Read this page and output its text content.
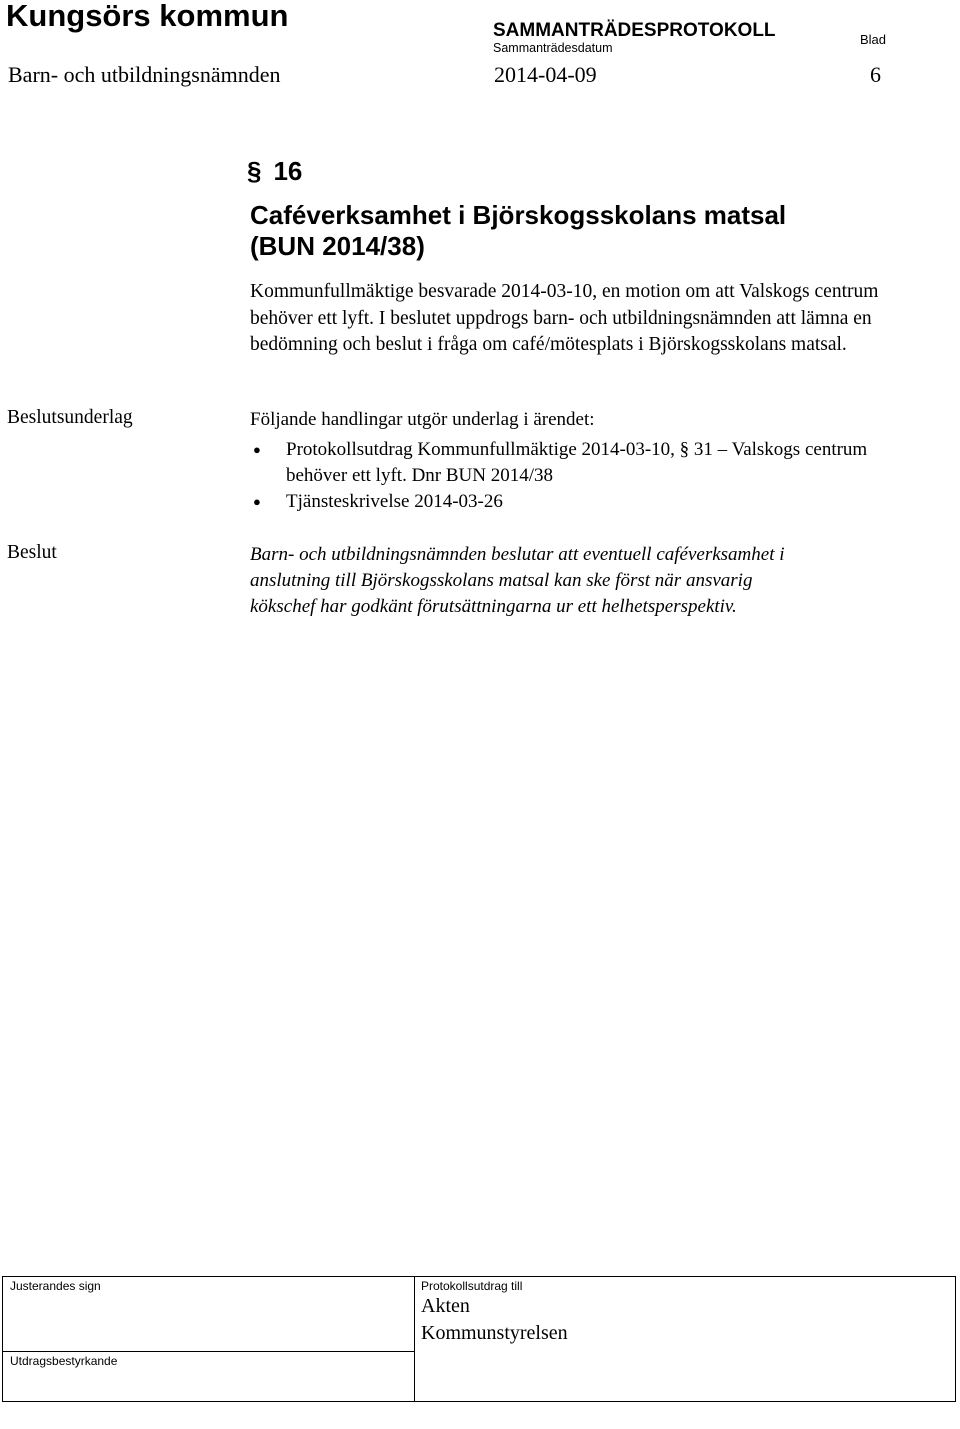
Kungsörs kommun	SAMMANTRÄDESPROTOKOLL
Sammanträdesdatum
Blad
Barn- och utbildningsnämnden	2014-04-09	6
§ 16
Caféverksamhet i Björskogsskolans matsal
(BUN 2014/38)
Kommunfullmäktige besvarade 2014-03-10, en motion om att Valskogs centrum behöver ett lyft. I beslutet uppdrogs barn- och utbildningsnämnden att lämna en bedömning och beslut i fråga om café/mötesplats i Björskogsskolans matsal.
Beslutsunderlag	Följande handlingar utgör underlag i ärendet:
● Protokollsutdrag Kommunfullmäktige 2014-03-10, § 31 – Valskogs centrum behöver ett lyft. Dnr BUN 2014/38
● Tjänsteskrivelse 2014-03-26
Beslut	Barn- och utbildningsnämnden beslutar att eventuell caféverksamhet i anslutning till Björskogsskolans matsal kan ske först när ansvarig kökschef har godkänt förutsättningarna ur ett helhetsperspektiv.
Justerandes sign
Utdragsbestyrkande
Protokollsutdrag till
Akten
Kommunstyrelsen
